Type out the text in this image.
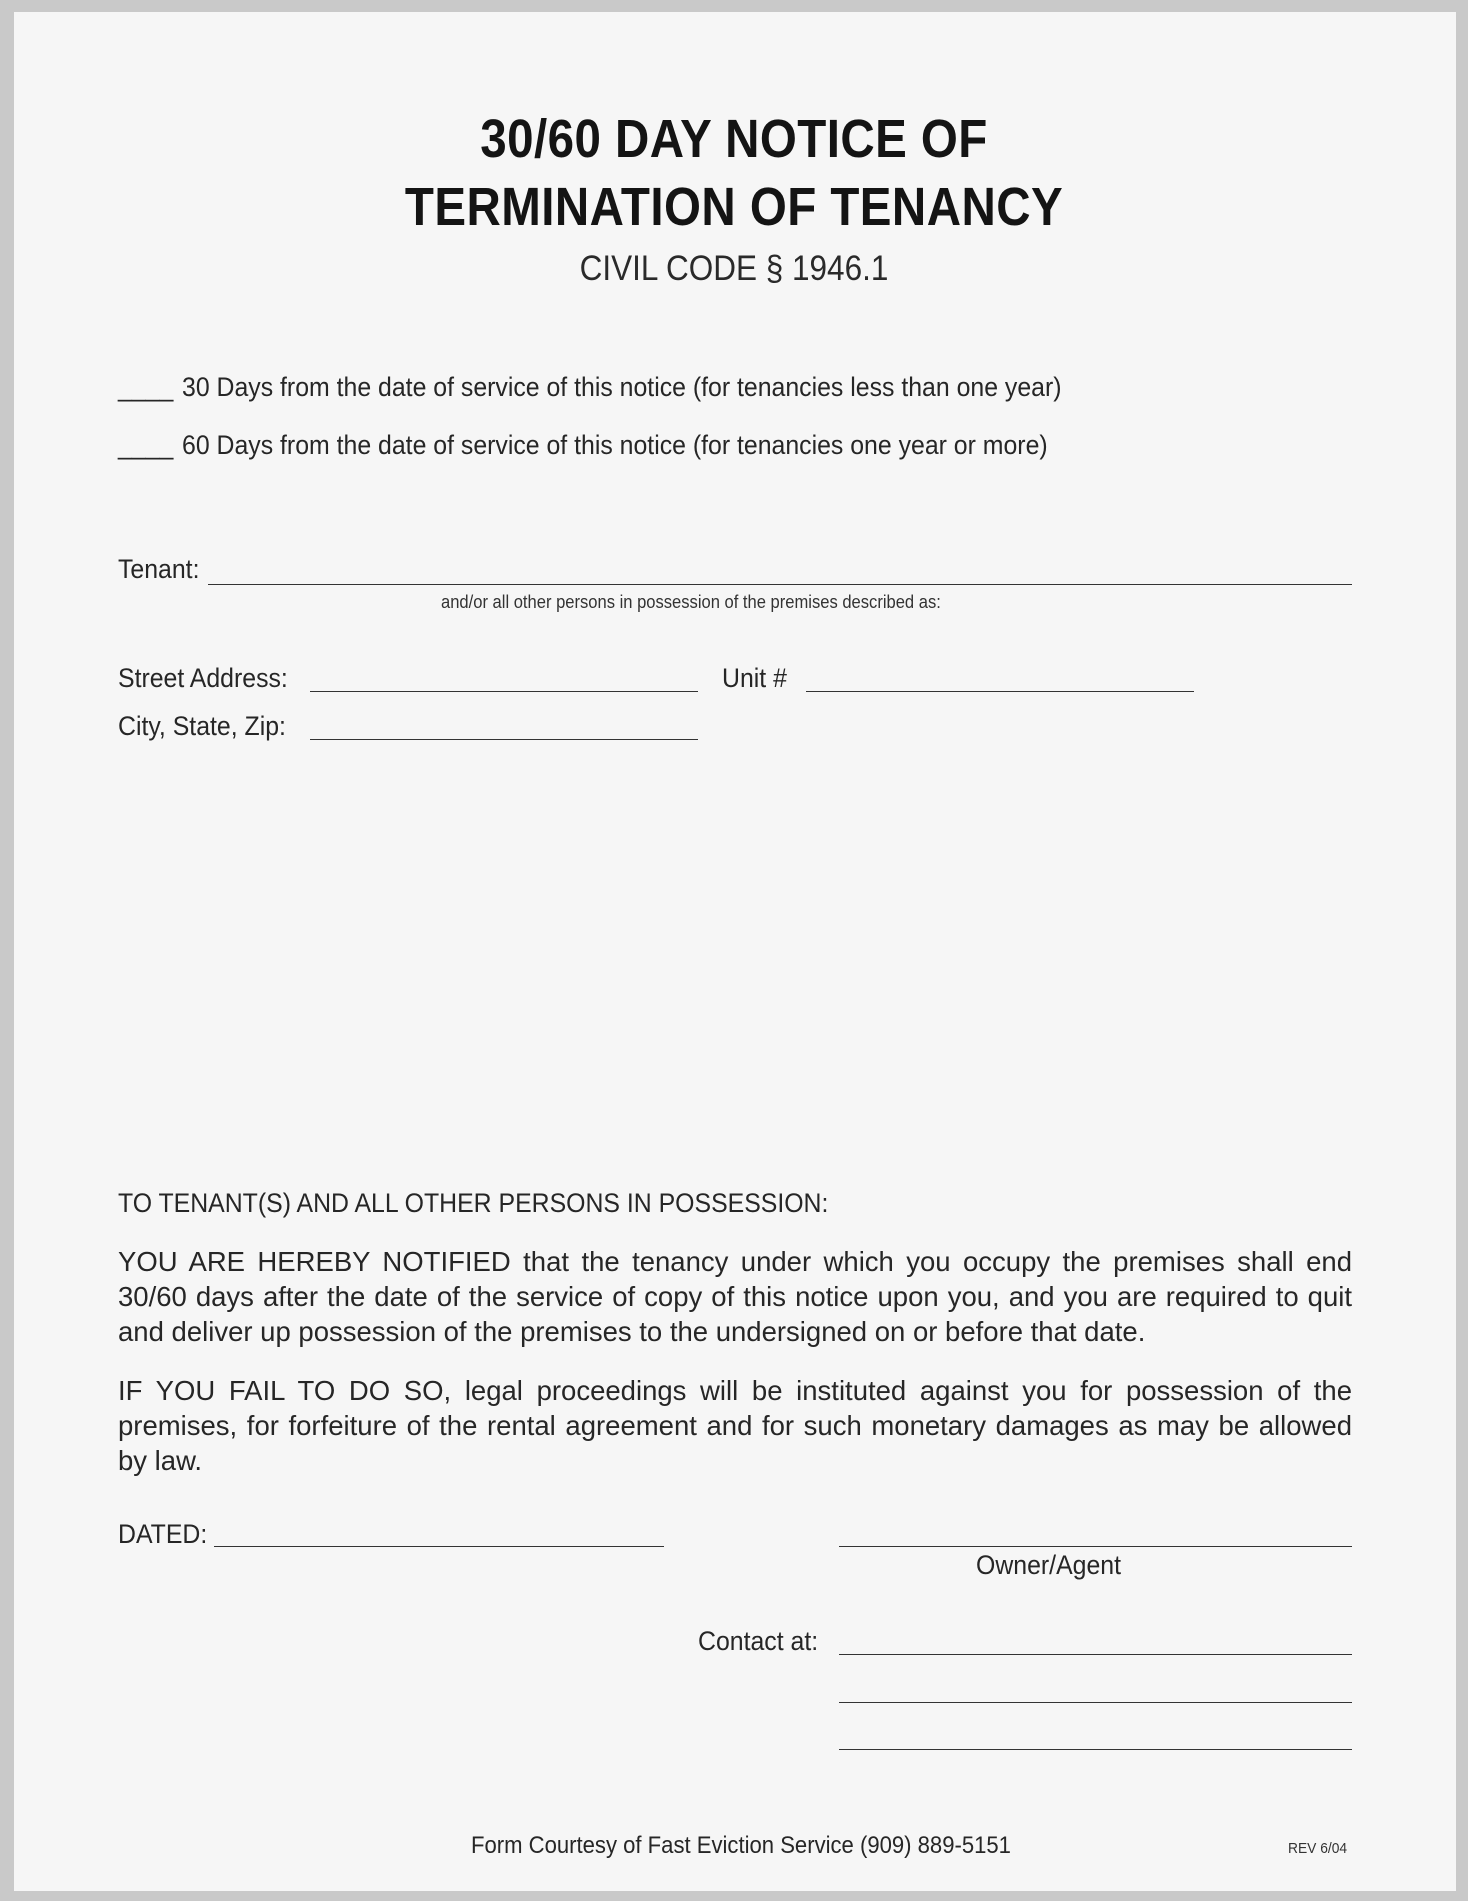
30/60 DAY NOTICE OF
TERMINATION OF TENANCY
CIVIL CODE § 1946.1
____ 30 Days from the date of service of this notice (for tenancies less than one year)
____ 60 Days from the date of service of this notice (for tenancies one year or more)
Tenant:
and/or all other persons in possession of the premises described as:
Street Address:	Unit #
City, State, Zip:
TO TENANT(S) AND ALL OTHER PERSONS IN POSSESSION:
YOU ARE HEREBY NOTIFIED that the tenancy under which you occupy the premises shall end 30/60 days after the date of the service of copy of this notice upon you, and you are required to quit and deliver up possession of the premises to the undersigned on or before that date.
IF YOU FAIL TO DO SO, legal proceedings will be instituted against you for possession of the premises, for forfeiture of the rental agreement and for such monetary damages as may be allowed by law.
DATED:
Owner/Agent
Contact at:
Form Courtesy of Fast Eviction Service (909) 889-5151	REV 6/04
